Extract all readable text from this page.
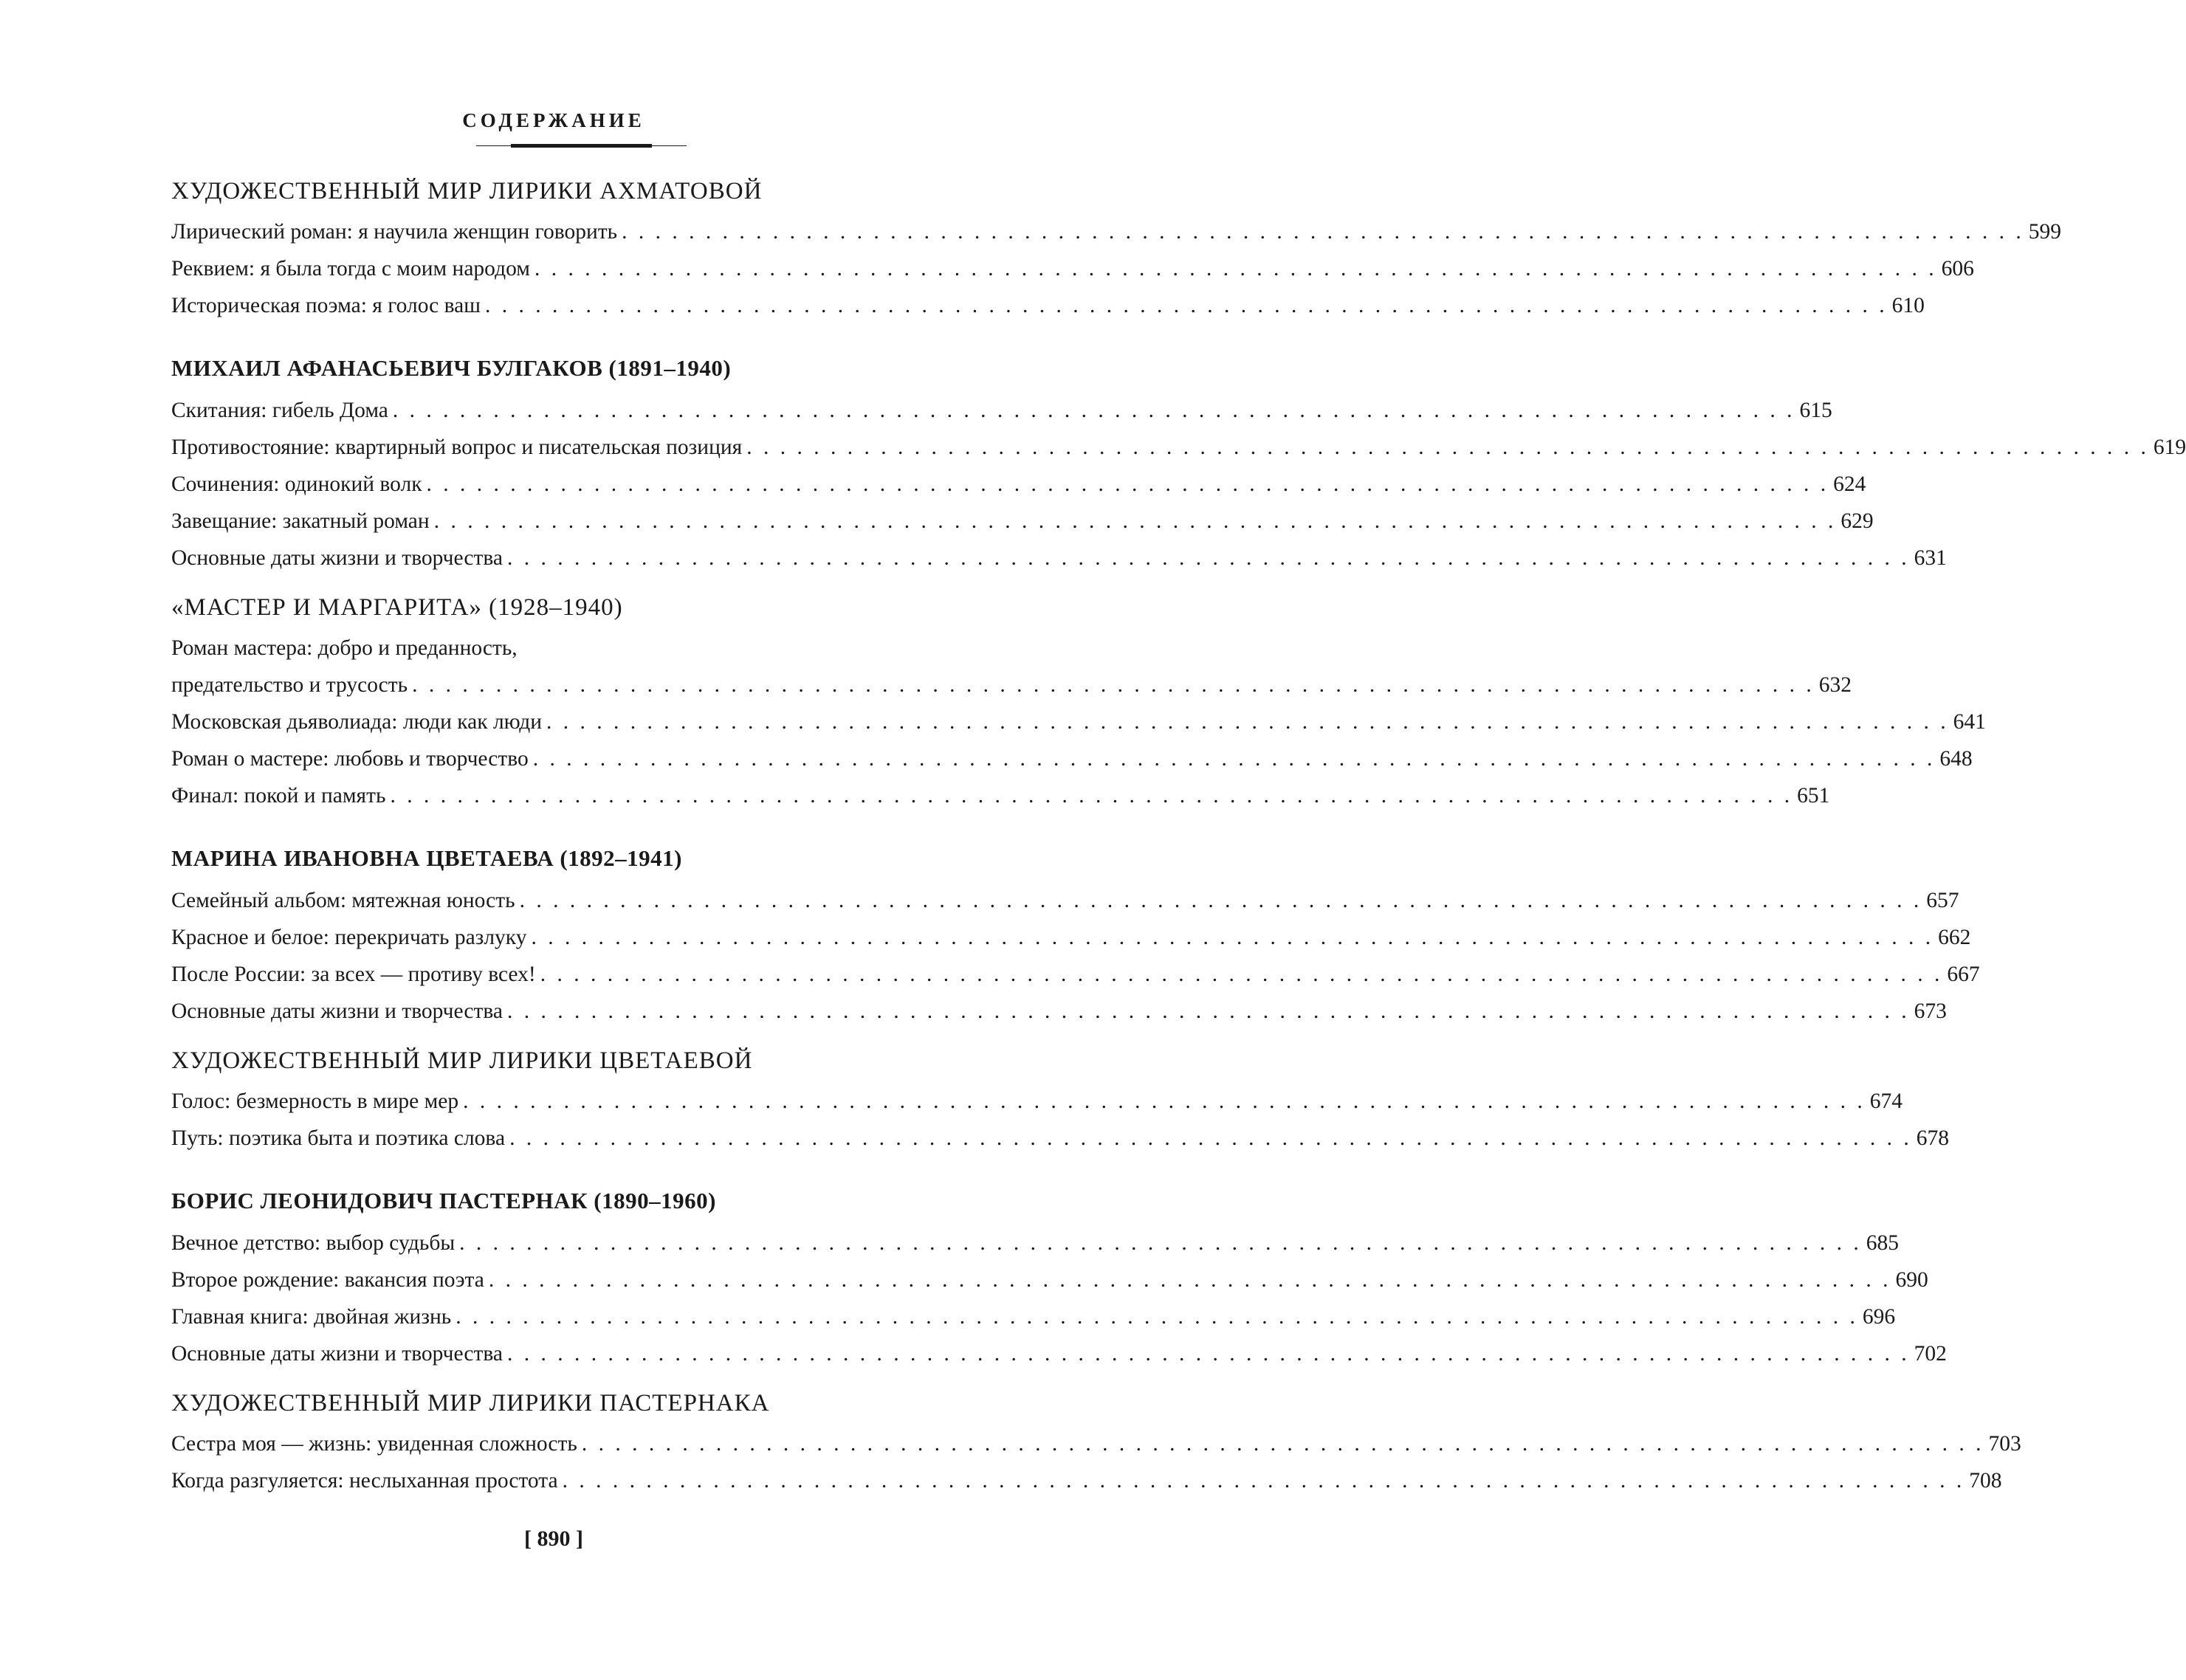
СОДЕРЖАНИЕ
ХУДОЖЕСТВЕННЫЙ МИР ЛИРИКИ АХМАТОВОЙ
Лирический роман: я научила женщин говорить . . . . . . . . . . . . . . . . . . . . . . . . . . . . . . . . . . . . . . . . . . . . . . . . . . . . . . . . . . . . . . . . . . . . . . . . . . . . . . . . . . . . 599
Реквием: я была тогда с моим народом . . . . . . . . . . . . . . . . . . . . . . . . . . . . . . . . . . . . . . . . . . . . . . . . . . . . . . . . . . . . . . . . . . . . . . . . . . . . . . . . . . . . 606
Историческая поэма: я голос ваш . . . . . . . . . . . . . . . . . . . . . . . . . . . . . . . . . . . . . . . . . . . . . . . . . . . . . . . . . . . . . . . . . . . . . . . . . . . . . . . . . . . . 610
МИХАИЛ АФАНАСЬЕВИЧ БУЛГАКОВ (1891–1940)
Скитания: гибель Дома . . . . . . . . . . . . . . . . . . . . . . . . . . . . . . . . . . . . . . . . . . . . . . . . . . . . . . . . . . . . . . . . . . . . . . . . . . . . . . . . . . . . 615
Противостояние: квартирный вопрос и писательская позиция . . . . . . . . . . . . . . . . . . . . . . . . . . . . . . . . . . . . . . . . . . . . . . . . . . . . . . . . . . . . . . . . . . . . . . . . . . . . . . . . . . . . 619
Сочинения: одинокий волк . . . . . . . . . . . . . . . . . . . . . . . . . . . . . . . . . . . . . . . . . . . . . . . . . . . . . . . . . . . . . . . . . . . . . . . . . . . . . . . . . . . . 624
Завещание: закатный роман . . . . . . . . . . . . . . . . . . . . . . . . . . . . . . . . . . . . . . . . . . . . . . . . . . . . . . . . . . . . . . . . . . . . . . . . . . . . . . . . . . . . 629
Основные даты жизни и творчества . . . . . . . . . . . . . . . . . . . . . . . . . . . . . . . . . . . . . . . . . . . . . . . . . . . . . . . . . . . . . . . . . . . . . . . . . . . . . . . . . . . . 631
«МАСТЕР И МАРГАРИТА» (1928–1940)
Роман мастера: добро и преданность,
предательство и трусость . . . . . . . . . . . . . . . . . . . . . . . . . . . . . . . . . . . . . . . . . . . . . . . . . . . . . . . . . . . . . . . . . . . . . . . . . . . . . . . . . . . . 632
Московская дьяволиада: люди как люди . . . . . . . . . . . . . . . . . . . . . . . . . . . . . . . . . . . . . . . . . . . . . . . . . . . . . . . . . . . . . . . . . . . . . . . . . . . . . . . . . . . . 641
Роман о мастере: любовь и творчество . . . . . . . . . . . . . . . . . . . . . . . . . . . . . . . . . . . . . . . . . . . . . . . . . . . . . . . . . . . . . . . . . . . . . . . . . . . . . . . . . . . . 648
Финал: покой и память . . . . . . . . . . . . . . . . . . . . . . . . . . . . . . . . . . . . . . . . . . . . . . . . . . . . . . . . . . . . . . . . . . . . . . . . . . . . . . . . . . . . 651
МАРИНА ИВАНОВНА ЦВЕТАЕВА (1892–1941)
Семейный альбом: мятежная юность . . . . . . . . . . . . . . . . . . . . . . . . . . . . . . . . . . . . . . . . . . . . . . . . . . . . . . . . . . . . . . . . . . . . . . . . . . . . . . . . . . . . 657
Красное и белое: перекричать разлуку . . . . . . . . . . . . . . . . . . . . . . . . . . . . . . . . . . . . . . . . . . . . . . . . . . . . . . . . . . . . . . . . . . . . . . . . . . . . . . . . . . . . 662
После России: за всех — противу всех! . . . . . . . . . . . . . . . . . . . . . . . . . . . . . . . . . . . . . . . . . . . . . . . . . . . . . . . . . . . . . . . . . . . . . . . . . . . . . . . . . . . . 667
Основные даты жизни и творчества . . . . . . . . . . . . . . . . . . . . . . . . . . . . . . . . . . . . . . . . . . . . . . . . . . . . . . . . . . . . . . . . . . . . . . . . . . . . . . . . . . . . 673
ХУДОЖЕСТВЕННЫЙ МИР ЛИРИКИ ЦВЕТАЕВОЙ
Голос: безмерность в мире мер . . . . . . . . . . . . . . . . . . . . . . . . . . . . . . . . . . . . . . . . . . . . . . . . . . . . . . . . . . . . . . . . . . . . . . . . . . . . . . . . . . . . 674
Путь: поэтика быта и поэтика слова . . . . . . . . . . . . . . . . . . . . . . . . . . . . . . . . . . . . . . . . . . . . . . . . . . . . . . . . . . . . . . . . . . . . . . . . . . . . . . . . . . . . 678
БОРИС ЛЕОНИДОВИЧ ПАСТЕРНАК (1890–1960)
Вечное детство: выбор судьбы . . . . . . . . . . . . . . . . . . . . . . . . . . . . . . . . . . . . . . . . . . . . . . . . . . . . . . . . . . . . . . . . . . . . . . . . . . . . . . . . . . . . 685
Второе рождение: вакансия поэта . . . . . . . . . . . . . . . . . . . . . . . . . . . . . . . . . . . . . . . . . . . . . . . . . . . . . . . . . . . . . . . . . . . . . . . . . . . . . . . . . . . . 690
Главная книга: двойная жизнь . . . . . . . . . . . . . . . . . . . . . . . . . . . . . . . . . . . . . . . . . . . . . . . . . . . . . . . . . . . . . . . . . . . . . . . . . . . . . . . . . . . . 696
Основные даты жизни и творчества . . . . . . . . . . . . . . . . . . . . . . . . . . . . . . . . . . . . . . . . . . . . . . . . . . . . . . . . . . . . . . . . . . . . . . . . . . . . . . . . . . . . 702
ХУДОЖЕСТВЕННЫЙ МИР ЛИРИКИ ПАСТЕРНАКА
Сестра моя — жизнь: увиденная сложность . . . . . . . . . . . . . . . . . . . . . . . . . . . . . . . . . . . . . . . . . . . . . . . . . . . . . . . . . . . . . . . . . . . . . . . . . . . . . . . . . . . . 703
Когда разгуляется: неслыханная простота . . . . . . . . . . . . . . . . . . . . . . . . . . . . . . . . . . . . . . . . . . . . . . . . . . . . . . . . . . . . . . . . . . . . . . . . . . . . . . . . . . . . 708
[ 890 ]
